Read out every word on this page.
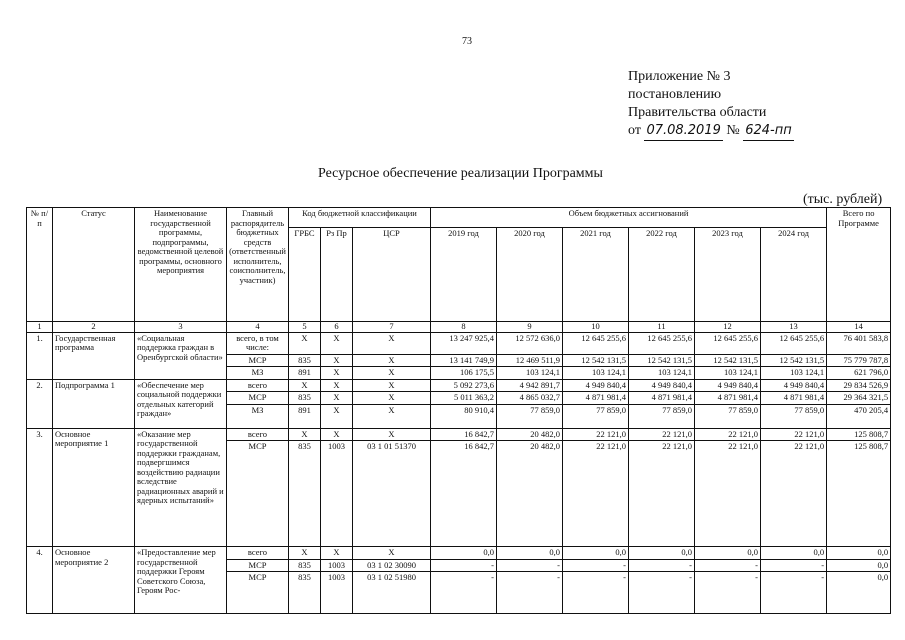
73
Приложение № 3
постановлению
Правительства области
от 07.08.2019 № 624-пп
Ресурсное обеспечение реализации Программы
(тыс. рублей)
№ п/п	Статус	Наименование государственной программы, подпрограммы, ведомственной целевой программы, основного мероприятия	Главный распорядитель бюджетных средств (ответственный исполнитель, соисполнитель, участник)	Код бюджетной классификации			Объем бюджетных ассигнований						Всего по Программе
				ГРБС	Рз Пр	ЦСР	2019 год	2020 год	2021 год	2022 год	2023 год	2024 год	
1	2	3	4	5	6	7	8	9	10	11	12	13	14
1.	Государственная программа	«Социальная поддержка граждан в Оренбургской области»	всего, в том числе:	Х	Х	Х	13 247 925,4	12 572 636,0	12 645 255,6	12 645 255,6	12 645 255,6	12 645 255,6	76 401 583,8
			МСР	835	Х	Х	13 141 749,9	12 469 511,9	12 542 131,5	12 542 131,5	12 542 131,5	12 542 131,5	75 779 787,8
			МЗ	891	Х	Х	106 175,5	103 124,1	103 124,1	103 124,1	103 124,1	103 124,1	621 796,0
2.	Подпрограмма 1	«Обеспечение мер социальной поддержки отдельных категорий граждан»	всего	Х	Х	Х	5 092 273,6	4 942 891,7	4 949 840,4	4 949 840,4	4 949 840,4	4 949 840,4	29 834 526,9
			МСР	835	Х	Х	5 011 363,2	4 865 032,7	4 871 981,4	4 871 981,4	4 871 981,4	4 871 981,4	29 364 321,5
			МЗ	891	Х	Х	80 910,4	77 859,0	77 859,0	77 859,0	77 859,0	77 859,0	470 205,4
3.	Основное мероприятие 1	«Оказание мер государственной поддержки гражданам, подвергшимся воздействию радиации вследствие радиационных аварий и ядерных испытаний»	всего	Х	Х	Х	16 842,7	20 482,0	22 121,0	22 121,0	22 121,0	22 121,0	125 808,7
			МСР	835	1003	03 1 01 51370	16 842,7	20 482,0	22 121,0	22 121,0	22 121,0	22 121,0	125 808,7
4.	Основное мероприятие 2	«Предоставление мер государственной поддержки Героям Советского Союза, Героям Рос-	всего	Х	Х	Х	0,0	0,0	0,0	0,0	0,0	0,0	0,0
			МСР	835	1003	03 1 02 30090	-	-	-	-	-	-	0,0
			МСР	835	1003	03 1 02 51980	-	-	-	-	-	-	0,0
